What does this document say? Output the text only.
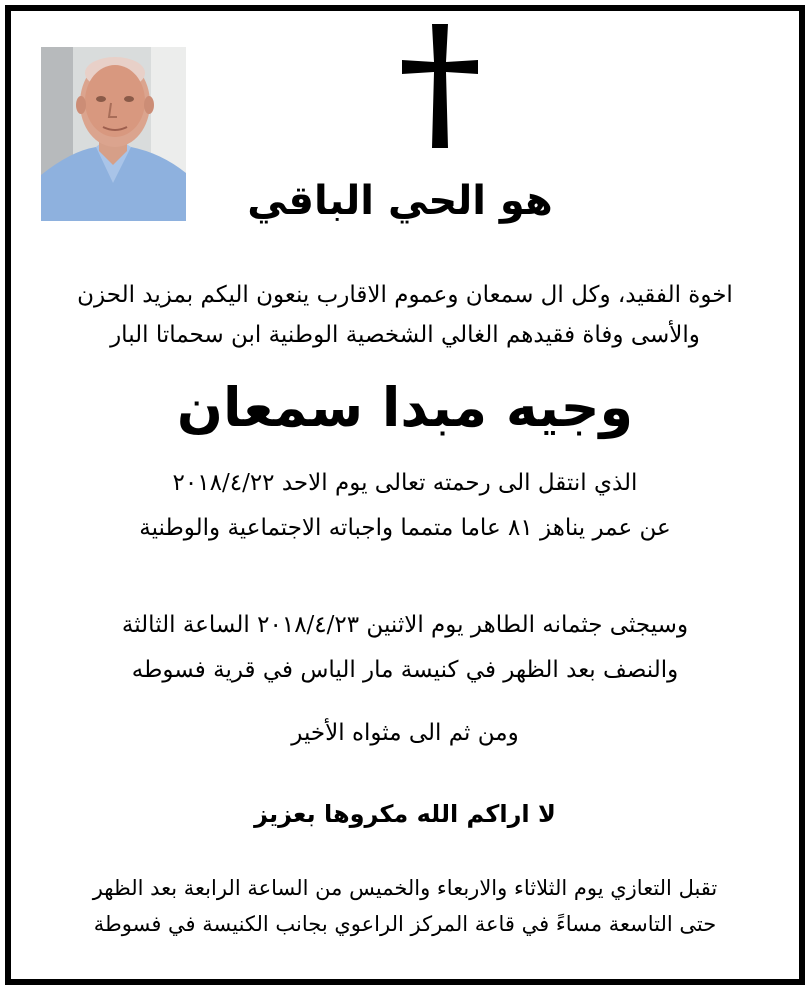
هو الحي الباقي
اخوة الفقيد، وكل ال سمعان وعموم الاقارب ينعون اليكم بمزيد الحزن
والأسى وفاة فقيدهم الغالي الشخصية الوطنية ابن سحماتا البار
وجيه مبدا سمعان
الذي انتقل الى رحمته تعالى يوم الاحد ٢٠١٨/٤/٢٢
عن عمر يناهز ٨١ عاما متمما واجباته الاجتماعية والوطنية
وسيجثى جثمانه الطاهر يوم الاثنين ٢٠١٨/٤/٢٣ الساعة الثالثة
والنصف بعد الظهر في كنيسة مار الياس في قرية فسوطه
ومن ثم الى مثواه الأخير
لا اراكم الله مكروها بعزيز
تقبل التعازي يوم الثلاثاء والاربعاء والخميس من الساعة الرابعة بعد الظهر
حتى التاسعة مساءً في قاعة المركز الراعوي بجانب الكنيسة في فسوطة
